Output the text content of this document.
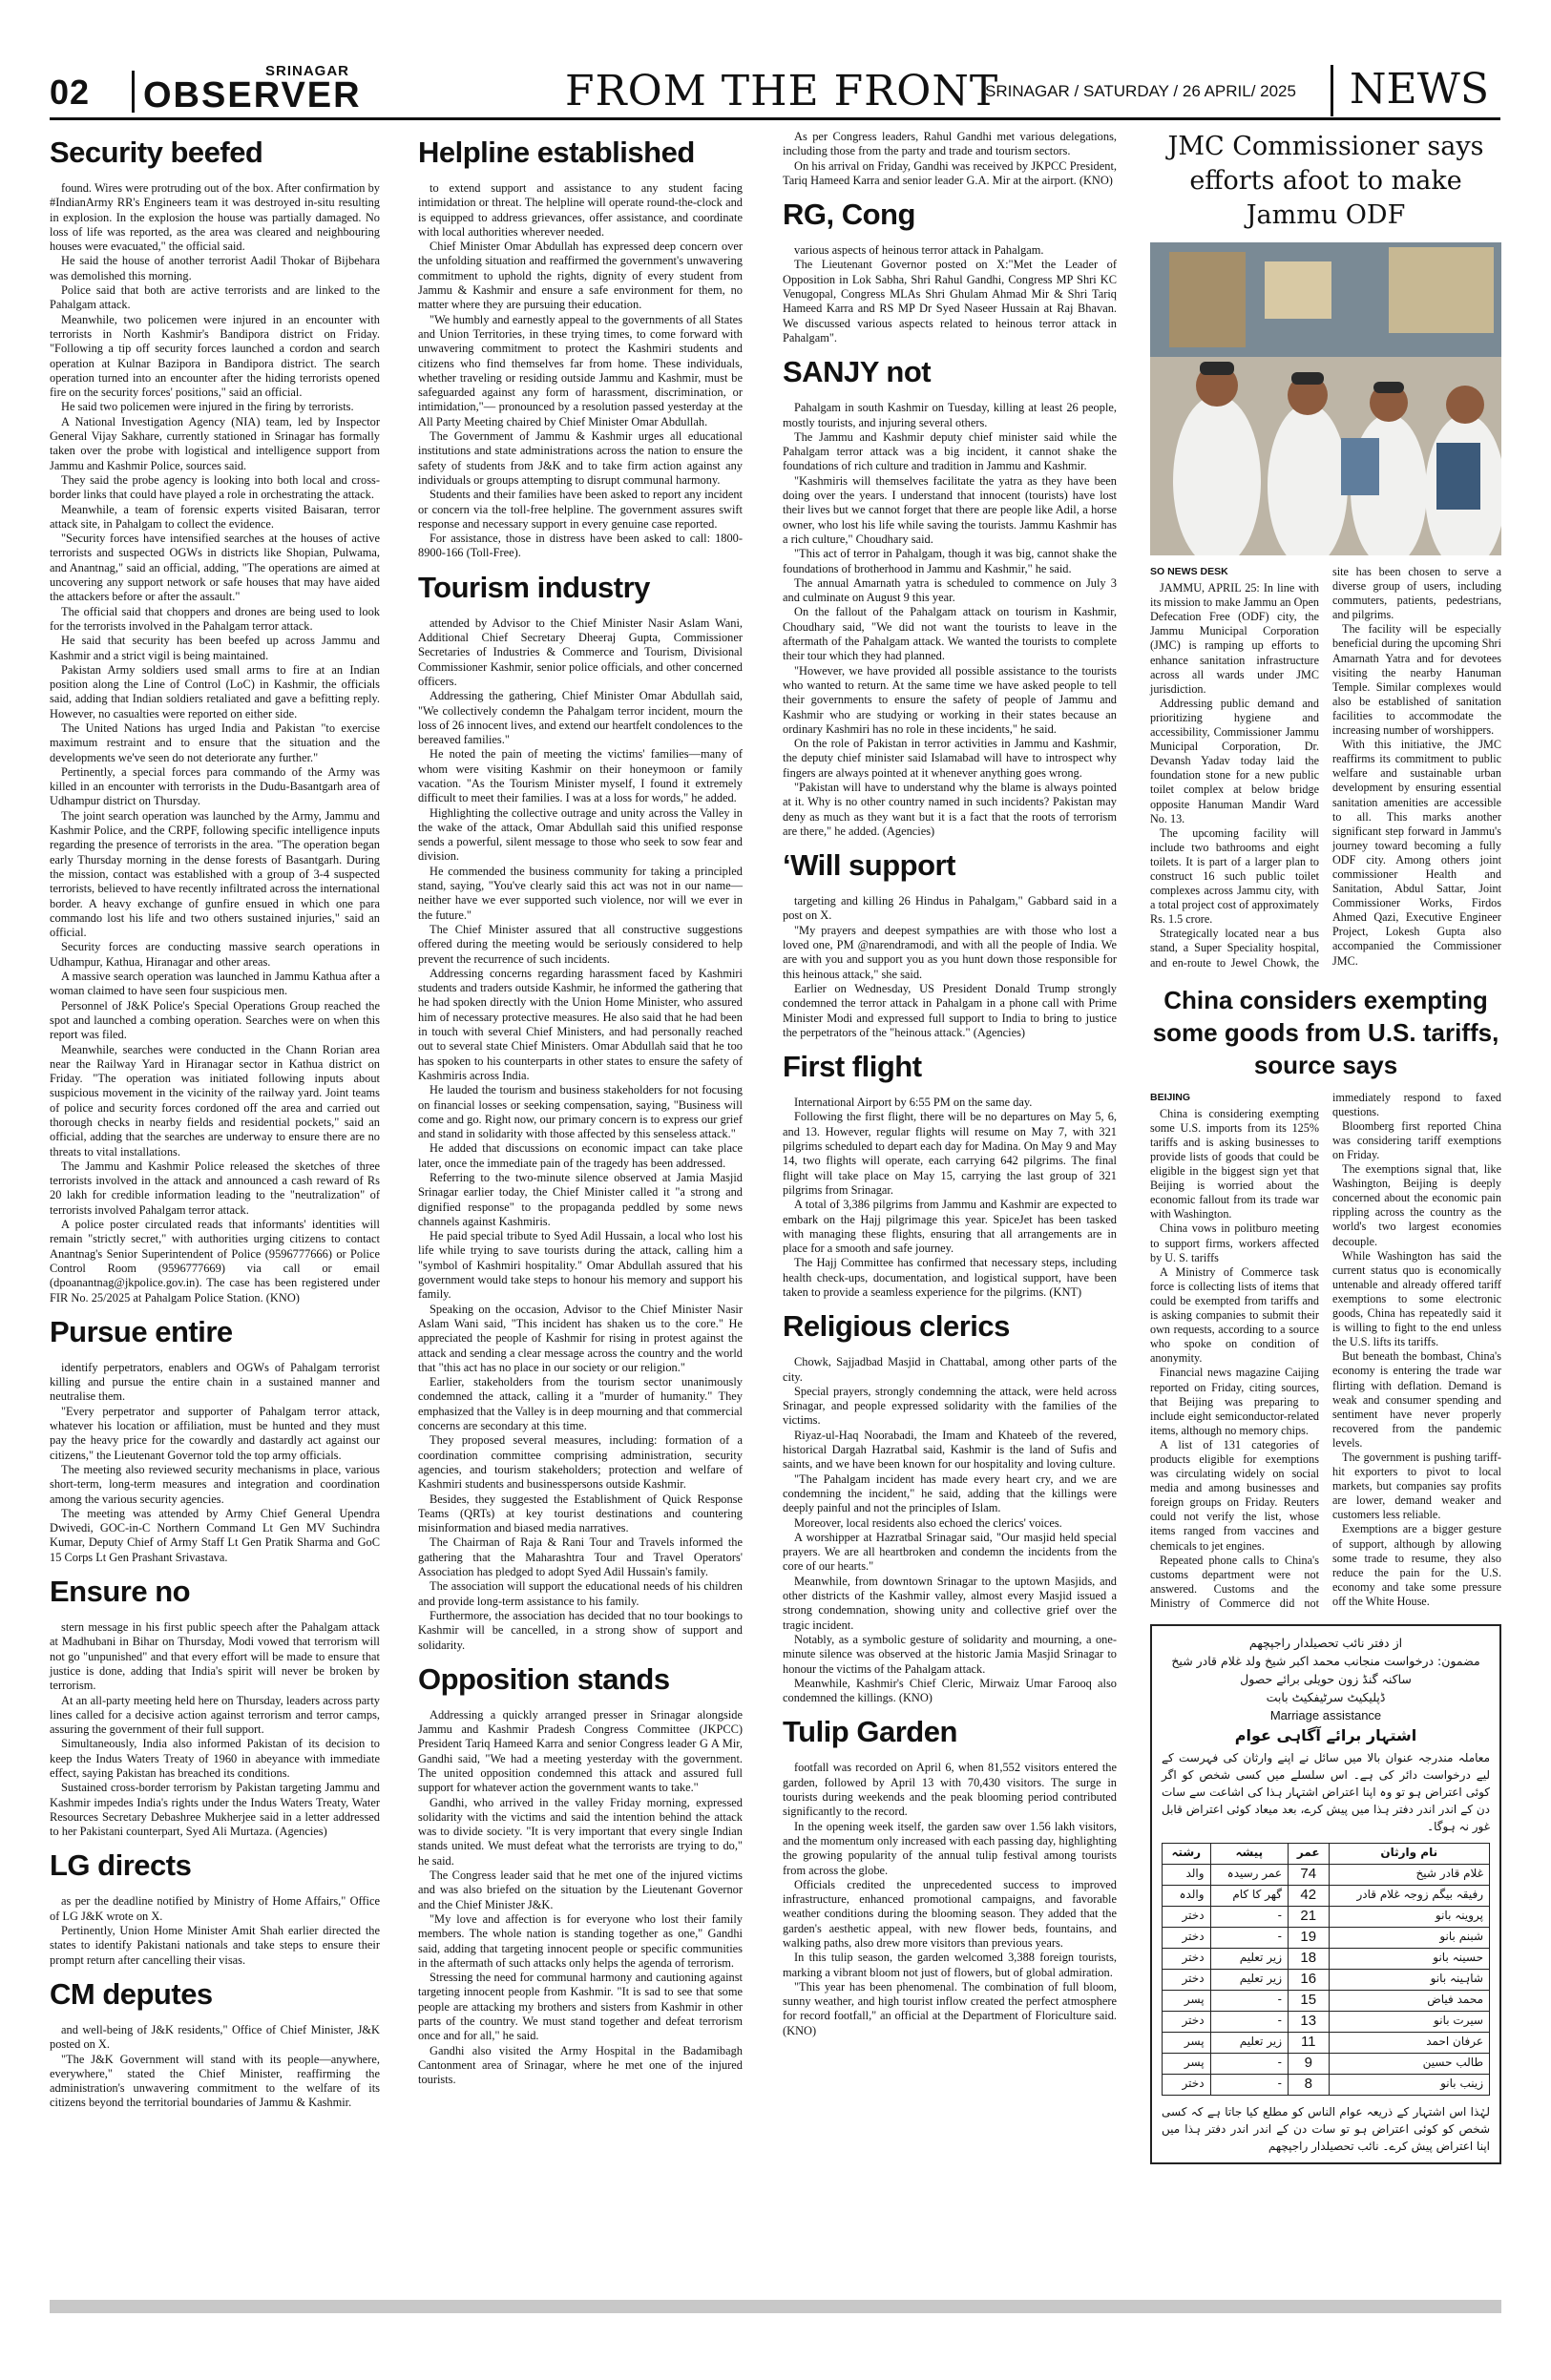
02
SRINAGAR
OBSERVER	FROM THE FRONT
SRINAGAR / SATURDAY / 26 APRIL/ 2025 NEWS
Security beefed

found. Wires were protruding out of the box. After confirmation by #IndianArmy RR's Engineers team it was destroyed in-situ resulting in explosion. In the explosion the house was partially damaged. No loss of life was reported, as the area was cleared and neighbouring houses were evacuated," the official said.

He said the house of another terrorist Aadil Thokar of Bijbehara was demolished this morning.

Police said that both are active terrorists and are linked to the Pahalgam attack.

Meanwhile, two policemen were injured in an encounter with terrorists in North Kashmir's Bandipora district on Friday. "Following a tip off security forces launched a cordon and search operation at Kulnar Bazipora in Bandipora district. The search operation turned into an encounter after the hiding terrorists opened fire on the security forces' positions," said an official.

He said two policemen were injured in the firing by terrorists.

A National Investigation Agency (NIA) team, led by Inspector General Vijay Sakhare, currently stationed in Srinagar has formally taken over the probe with logistical and intelligence support from Jammu and Kashmir Police, sources said.

They said the probe agency is looking into both local and cross-border links that could have played a role in orchestrating the attack.

Meanwhile, a team of forensic experts visited Baisaran, terror attack site, in Pahalgam to collect the evidence.

"Security forces have intensified searches at the houses of active terrorists and suspected OGWs in districts like Shopian, Pulwama, and Anantnag," said an official, adding, "The operations are aimed at uncovering any support network or safe houses that may have aided the attackers before or after the assault."

The official said that choppers and drones are being used to look for the terrorists involved in the Pahalgam terror attack.

He said that security has been beefed up across Jammu and Kashmir and a strict vigil is being maintained.

Pakistan Army soldiers used small arms to fire at an Indian position along the Line of Control (LoC) in Kashmir, the officials said, adding that Indian soldiers retaliated and gave a befitting reply. However, no casualties were reported on either side.

The United Nations has urged India and Pakistan "to exercise maximum restraint and to ensure that the situation and the developments we've seen do not deteriorate any further."

Pertinently, a special forces para commando of the Army was killed in an encounter with terrorists in the Dudu-Basantgarh area of Udhampur district on Thursday.

The joint search operation was launched by the Army, Jammu and Kashmir Police, and the CRPF, following specific intelligence inputs regarding the presence of terrorists in the area. "The operation began early Thursday morning in the dense forests of Basantgarh. During the mission, contact was established with a group of 3-4 suspected terrorists, believed to have recently infiltrated across the international border. A heavy exchange of gunfire ensued in which one para commando lost his life and two others sustained injuries," said an official.

Security forces are conducting massive search operations in Udhampur, Kathua, Hiranagar and other areas.

A massive search operation was launched in Jammu Kathua after a woman claimed to have seen four suspicious men.

Personnel of J&K Police's Special Operations Group reached the spot and launched a combing operation. Searches were on when this report was filed.

Meanwhile, searches were conducted in the Chann Rorian area near the Railway Yard in Hiranagar sector in Kathua district on Friday. "The operation was initiated following inputs about suspicious movement in the vicinity of the railway yard. Joint teams of police and security forces cordoned off the area and carried out thorough checks in nearby fields and residential pockets," said an official, adding that the searches are underway to ensure there are no threats to vital installations.

The Jammu and Kashmir Police released the sketches of three terrorists involved in the attack and announced a cash reward of Rs 20 lakh for credible information leading to the "neutralization" of terrorists involved Pahalgam terror attack.

A police poster circulated reads that informants' identities will remain "strictly secret," with authorities urging citizens to contact Anantnag's Senior Superintendent of Police (9596777666) or Police Control Room (9596777669) via call or email (dpoanantnag@jkpolice.gov.in). The case has been registered under FIR No. 25/2025 at Pahalgam Police Station. (KNO)

Pursue entire

identify perpetrators, enablers and OGWs of Pahalgam terrorist killing and pursue the entire chain in a sustained manner and neutralise them.

"Every perpetrator and supporter of Pahalgam terror attack, whatever his location or affiliation, must be hunted and they must pay the heavy price for the cowardly and dastardly act against our citizens," the Lieutenant Governor told the top army officials.

The meeting also reviewed security mechanisms in place, various short-term, long-term measures and integration and coordination among the various security agencies.

The meeting was attended by Army Chief General Upendra Dwivedi, GOC-in-C Northern Command Lt Gen MV Suchindra Kumar, Deputy Chief of Army Staff Lt Gen Pratik Sharma and GoC 15 Corps Lt Gen Prashant Srivastava.

Ensure no

stern message in his first public speech after the Pahalgam attack at Madhubani in Bihar on Thursday, Modi vowed that terrorism will not go "unpunished" and that every effort will be made to ensure that justice is done, adding that India's spirit will never be broken by terrorism.

At an all-party meeting held here on Thursday, leaders across party lines called for a decisive action against terrorism and terror camps, assuring the government of their full support.

Simultaneously, India also informed Pakistan of its decision to keep the Indus Waters Treaty of 1960 in abeyance with immediate effect, saying Pakistan has breached its conditions.

Sustained cross-border terrorism by Pakistan targeting Jammu and Kashmir impedes India's rights under the Indus Waters Treaty, Water Resources Secretary Debashree Mukherjee said in a letter addressed to her Pakistani counterpart, Syed Ali Murtaza. (Agencies)

LG directs

as per the deadline notified by Ministry of Home Affairs," Office of LG J&K wrote on X.

Pertinently, Union Home Minister Amit Shah earlier directed the states to identify Pakistani nationals and take steps to ensure their prompt return after cancelling their visas.

CM deputes

and well-being of J&K residents," Office of Chief Minister, J&K posted on X.

"The J&K Government will stand with its people—anywhere, everywhere," stated the Chief Minister, reaffirming the administration's unwavering commitment to the welfare of its citizens beyond the territorial boundaries of Jammu & Kashmir.

Helpline established

to extend support and assistance to any student facing intimidation or threat. The helpline will operate round-the-clock and is equipped to address grievances, offer assistance, and coordinate with local authorities wherever needed.

Chief Minister Omar Abdullah has expressed deep concern over the unfolding situation and reaffirmed the government's unwavering commitment to uphold the rights, dignity of every student from Jammu & Kashmir and ensure a safe environment for them, no matter where they are pursuing their education.

"We humbly and earnestly appeal to the governments of all States and Union Territories, in these trying times, to come forward with unwavering commitment to protect the Kashmiri students and citizens who find themselves far from home. These individuals, whether traveling or residing outside Jammu and Kashmir, must be safeguarded against any form of harassment, discrimination, or intimidation,"— pronounced by a resolution passed yesterday at the All Party Meeting chaired by Chief Minister Omar Abdullah.

The Government of Jammu & Kashmir urges all educational institutions and state administrations across the nation to ensure the safety of students from J&K and to take firm action against any individuals or groups attempting to disrupt communal harmony.

Students and their families have been asked to report any incident or concern via the toll-free helpline. The government assures swift response and necessary support in every genuine case reported.

For assistance, those in distress have been asked to call: 1800-8900-166 (Toll-Free).

Tourism industry

attended by Advisor to the Chief Minister Nasir Aslam Wani, Additional Chief Secretary Dheeraj Gupta, Commissioner Secretaries of Industries & Commerce and Tourism, Divisional Commissioner Kashmir, senior police officials, and other concerned officers.

Addressing the gathering, Chief Minister Omar Abdullah said, "We collectively condemn the Pahalgam terror incident, mourn the loss of 26 innocent lives, and extend our heartfelt condolences to the bereaved families."

He noted the pain of meeting the victims' families—many of whom were visiting Kashmir on their honeymoon or family vacation. "As the Tourism Minister myself, I found it extremely difficult to meet their families. I was at a loss for words," he added.

Highlighting the collective outrage and unity across the Valley in the wake of the attack, Omar Abdullah said this unified response sends a powerful, silent message to those who seek to sow fear and division.

He commended the business community for taking a principled stand, saying, "You've clearly said this act was not in our name—neither have we ever supported such violence, nor will we ever in the future."

The Chief Minister assured that all constructive suggestions offered during the meeting would be seriously considered to help prevent the recurrence of such incidents.

Addressing concerns regarding harassment faced by Kashmiri students and traders outside Kashmir, he informed the gathering that he had spoken directly with the Union Home Minister, who assured him of necessary protective measures. He also said that he had been in touch with several Chief Ministers, and had personally reached out to several state Chief Ministers. Omar Abdullah said that he too has spoken to his counterparts in other states to ensure the safety of Kashmiris across India.

He lauded the tourism and business stakeholders for not focusing on financial losses or seeking compensation, saying, "Business will come and go. Right now, our primary concern is to express our grief and stand in solidarity with those affected by this senseless attack."

He added that discussions on economic impact can take place later, once the immediate pain of the tragedy has been addressed.

Referring to the two-minute silence observed at Jamia Masjid Srinagar earlier today, the Chief Minister called it "a strong and dignified response" to the propaganda peddled by some news channels against Kashmiris.

He paid special tribute to Syed Adil Hussain, a local who lost his life while trying to save tourists during the attack, calling him a "symbol of Kashmiri hospitality." Omar Abdullah assured that his government would take steps to honour his memory and support his family.

Speaking on the occasion, Advisor to the Chief Minister Nasir Aslam Wani said, "This incident has shaken us to the core." He appreciated the people of Kashmir for rising in protest against the attack and sending a clear message across the country and the world that "this act has no place in our society or our religion."

Earlier, stakeholders from the tourism sector unanimously condemned the attack, calling it a "murder of humanity." They emphasized that the Valley is in deep mourning and that commercial concerns are secondary at this time.

They proposed several measures, including: formation of a coordination committee comprising administration, security agencies, and tourism stakeholders; protection and welfare of Kashmiri students and businesspersons outside Kashmir.

Besides, they suggested the Establishment of Quick Response Teams (QRTs) at key tourist destinations and countering misinformation and biased media narratives.

The Chairman of Raja & Rani Tour and Travels informed the gathering that the Maharashtra Tour and Travel Operators' Association has pledged to adopt Syed Adil Hussain's family.

The association will support the educational needs of his children and provide long-term assistance to his family.

Furthermore, the association has decided that no tour bookings to Kashmir will be cancelled, in a strong show of support and solidarity.

Opposition stands

Addressing a quickly arranged presser in Srinagar alongside Jammu and Kashmir Pradesh Congress Committee (JKPCC) President Tariq Hameed Karra and senior Congress leader G A Mir, Gandhi said, "We had a meeting yesterday with the government. The united opposition condemned this attack and assured full support for whatever action the government wants to take."

Gandhi, who arrived in the valley Friday morning, expressed solidarity with the victims and said the intention behind the attack was to divide society. "It is very important that every single Indian stands united. We must defeat what the terrorists are trying to do," he said.

The Congress leader said that he met one of the injured victims and was also briefed on the situation by the Lieutenant Governor and the Chief Minister J&K.

"My love and affection is for everyone who lost their family members. The whole nation is standing together as one," Gandhi said, adding that targeting innocent people or specific communities in the aftermath of such attacks only helps the agenda of terrorism.

Stressing the need for communal harmony and cautioning against targeting innocent people from Kashmir. "It is sad to see that some people are attacking my brothers and sisters from Kashmir in other parts of the country. We must stand together and defeat terrorism once and for all," he said.

Gandhi also visited the Army Hospital in the Badamibagh Cantonment area of Srinagar, where he met one of the injured tourists.

As per Congress leaders, Rahul Gandhi met various delegations, including those from the party and trade and tourism sectors.

On his arrival on Friday, Gandhi was received by JKPCC President, Tariq Hameed Karra and senior leader G.A. Mir at the airport. (KNO)

RG, Cong

various aspects of heinous terror attack in Pahalgam.

The Lieutenant Governor posted on X:"Met the Leader of Opposition in Lok Sabha, Shri Rahul Gandhi, Congress MP Shri KC Venugopal, Congress MLAs Shri Ghulam Ahmad Mir & Shri Tariq Hameed Karra and RS MP Dr Syed Naseer Hussain at Raj Bhavan. We discussed various aspects related to heinous terror attack in Pahalgam".

SANJY not

Pahalgam in south Kashmir on Tuesday, killing at least 26 people, mostly tourists, and injuring several others.

The Jammu and Kashmir deputy chief minister said while the Pahalgam terror attack was a big incident, it cannot shake the foundations of rich culture and tradition in Jammu and Kashmir.

"Kashmiris will themselves facilitate the yatra as they have been doing over the years. I understand that innocent (tourists) have lost their lives but we cannot forget that there are people like Adil, a horse owner, who lost his life while saving the tourists. Jammu Kashmir has a rich culture," Choudhary said.

"This act of terror in Pahalgam, though it was big, cannot shake the foundations of brotherhood in Jammu and Kashmir," he said.

The annual Amarnath yatra is scheduled to commence on July 3 and culminate on August 9 this year.

On the fallout of the Pahalgam attack on tourism in Kashmir, Choudhary said, "We did not want the tourists to leave in the aftermath of the Pahalgam attack. We wanted the tourists to complete their tour which they had planned.

"However, we have provided all possible assistance to the tourists who wanted to return. At the same time we have asked people to tell their governments to ensure the safety of people of Jammu and Kashmir who are studying or working in their states because an ordinary Kashmiri has no role in these incidents," he said.

On the role of Pakistan in terror activities in Jammu and Kashmir, the deputy chief minister said Islamabad will have to introspect why fingers are always pointed at it whenever anything goes wrong.

"Pakistan will have to understand why the blame is always pointed at it. Why is no other country named in such incidents? Pakistan may deny as much as they want but it is a fact that the roots of terrorism are there," he added. (Agencies)

‘Will support

targeting and killing 26 Hindus in Pahalgam," Gabbard said in a post on X.

"My prayers and deepest sympathies are with those who lost a loved one, PM @narendramodi, and with all the people of India. We are with you and support you as you hunt down those responsible for this heinous attack," she said.

Earlier on Wednesday, US President Donald Trump strongly condemned the terror attack in Pahalgam in a phone call with Prime Minister Modi and expressed full support to India to bring to justice the perpetrators of the "heinous attack." (Agencies)

First flight

International Airport by 6:55 PM on the same day.

Following the first flight, there will be no departures on May 5, 6, and 13. However, regular flights will resume on May 7, with 321 pilgrims scheduled to depart each day for Madina. On May 9 and May 14, two flights will operate, each carrying 642 pilgrims. The final flight will take place on May 15, carrying the last group of 321 pilgrims from Srinagar.

A total of 3,386 pilgrims from Jammu and Kashmir are expected to embark on the Hajj pilgrimage this year. SpiceJet has been tasked with managing these flights, ensuring that all arrangements are in place for a smooth and safe journey.

The Hajj Committee has confirmed that necessary steps, including health check-ups, documentation, and logistical support, have been taken to provide a seamless experience for the pilgrims. (KNT)

Religious clerics

Chowk, Sajjadbad Masjid in Chattabal, among other parts of the city.

Special prayers, strongly condemning the attack, were held across Srinagar, and people expressed solidarity with the families of the victims.

Riyaz-ul-Haq Noorabadi, the Imam and Khateeb of the revered, historical Dargah Hazratbal said, Kashmir is the land of Sufis and saints, and we have been known for our hospitality and loving culture.

"The Pahalgam incident has made every heart cry, and we are condemning the incident," he said, adding that the killings were deeply painful and not the principles of Islam.

Moreover, local residents also echoed the clerics' voices.

A worshipper at Hazratbal Srinagar said, "Our masjid held special prayers. We are all heartbroken and condemn the incidents from the core of our hearts."

Meanwhile, from downtown Srinagar to the uptown Masjids, and other districts of the Kashmir valley, almost every Masjid issued a strong condemnation, showing unity and collective grief over the tragic incident.

Notably, as a symbolic gesture of solidarity and mourning, a one-minute silence was observed at the historic Jamia Masjid Srinagar to honour the victims of the Pahalgam attack.

Meanwhile, Kashmir's Chief Cleric, Mirwaiz Umar Farooq also condemned the killings. (KNO)

Tulip Garden

footfall was recorded on April 6, when 81,552 visitors entered the garden, followed by April 13 with 70,430 visitors. The surge in tourists during weekends and the peak blooming period contributed significantly to the record.

In the opening week itself, the garden saw over 1.56 lakh visitors, and the momentum only increased with each passing day, highlighting the growing popularity of the annual tulip festival among tourists from across the globe.

Officials credited the unprecedented success to improved infrastructure, enhanced promotional campaigns, and favorable weather conditions during the blooming season. They added that the garden's aesthetic appeal, with new flower beds, fountains, and walking paths, also drew more visitors than previous years.

In this tulip season, the garden welcomed 3,388 foreign tourists, marking a vibrant bloom not just of flowers, but of global admiration.

"This year has been phenomenal. The combination of full bloom, sunny weather, and high tourist inflow created the perfect atmosphere for record footfall," an official at the Department of Floriculture said. (KNO)

JMC Commissioner says efforts afoot to make Jammu ODF

SO NEWS DESK

JAMMU, APRIL 25: In line with its mission to make Jammu an Open Defecation Free (ODF) city, the Jammu Municipal Corporation (JMC) is ramping up efforts to enhance sanitation infrastructure across all wards under JMC jurisdiction.

Addressing public demand and prioritizing hygiene and accessibility, Commissioner Jammu Municipal Corporation, Dr. Devansh Yadav today laid the foundation stone for a new public toilet complex at below bridge opposite Hanuman Mandir Ward No. 13.

The upcoming facility will include two bathrooms and eight toilets. It is part of a larger plan to construct 16 such public toilet complexes across Jammu city, with a total project cost of approximately Rs. 1.5 crore.

Strategically located near a bus stand, a Super Speciality hospital, and en-route to Jewel Chowk, the site has been chosen to serve a diverse group of users, including commuters, patients, pedestrians, and pilgrims.

The facility will be especially beneficial during the upcoming Shri Amarnath Yatra and for devotees visiting the nearby Hanuman Temple. Similar complexes would also be established of sanitation facilities to accommodate the increasing number of worshippers.

With this initiative, the JMC reaffirms its commitment to public welfare and sustainable urban development by ensuring essential sanitation amenities are accessible to all. This marks another significant step forward in Jammu's journey toward becoming a fully ODF city. Among others joint commissioner Health and Sanitation, Abdul Sattar, Joint Commissioner Works, Firdos Ahmed Qazi, Executive Engineer Project, Lokesh Gupta also accompanied the Commissioner JMC.

China considers exempting some goods from U.S. tariffs, source says

BEIJING

China is considering exempting some U.S. imports from its 125% tariffs and is asking businesses to provide lists of goods that could be eligible in the biggest sign yet that Beijing is worried about the economic fallout from its trade war with Washington.

China vows in politburo meeting to support firms, workers affected by U. S. tariffs

A Ministry of Commerce task force is collecting lists of items that could be exempted from tariffs and is asking companies to submit their own requests, according to a source who spoke on condition of anonymity.

Financial news magazine Caijing reported on Friday, citing sources, that Beijing was preparing to include eight semiconductor-related items, although no memory chips.

A list of 131 categories of products eligible for exemptions was circulating widely on social media and among businesses and foreign groups on Friday. Reuters could not verify the list, whose items ranged from vaccines and chemicals to jet engines.

Repeated phone calls to China's customs department were not answered. Customs and the Ministry of Commerce did not immediately respond to faxed questions.

Bloomberg first reported China was considering tariff exemptions on Friday.

The exemptions signal that, like Washington, Beijing is deeply concerned about the economic pain rippling across the country as the world's two largest economies decouple.

While Washington has said the current status quo is economically untenable and already offered tariff exemptions to some electronic goods, China has repeatedly said it is willing to fight to the end unless the U.S. lifts its tariffs.

But beneath the bombast, China's economy is entering the trade war flirting with deflation. Demand is weak and consumer spending and sentiment have never properly recovered from the pandemic levels.

The government is pushing tariff-hit exporters to pivot to local markets, but companies say profits are lower, demand weaker and customers less reliable.

Exemptions are a bigger gesture of support, although by allowing some trade to resume, they also reduce the pain for the U.S. economy and take some pressure off the White House.

از دفتر نائب تحصیلدار راجپچھم
مضمون: درخواست منجانب محمد اکبر شیخ ولد غلام قادر شیخ ساکنہ گنڈ زون حویلی برائے حصول
ڈپلیکیٹ سرٹیفکیٹ بابت
Marriage assistance
اشتہار برائے آگاہی عوام
معاملہ مندرجہ عنوان بالا میں سائل نے اپنے وارثان کی فہرست کے لیے درخواست دائر کی ہے۔ اس سلسلے میں کسی شخص کو اگر کوئی اعتراض ہو تو وہ اپنا اعتراض اشتہار ہذا کی اشاعت سے سات دن کے اندر اندر دفتر ہذا میں پیش کرے، بعد میعاد کوئی اعتراض قابل غور نہ ہوگا۔
نام وارثان	عمر	پیشہ	رشتہ
غلام قادر شیخ	74	عمر رسیدہ	والد
رفیقہ بیگم زوجہ غلام قادر	42	گھر کا کام	والدہ
پروینہ بانو	21	-	دختر
شبنم بانو	19	-	دختر
حسینہ بانو	18	زیر تعلیم	دختر
شاہینہ بانو	16	زیر تعلیم	دختر
محمد فیاض	15	-	پسر
سیرت بانو	13	-	دختر
عرفان احمد	11	زیر تعلیم	پسر
طالب حسین	9	-	پسر
زینب بانو	8	-	دختر
لہٰذا اس اشتہار کے ذریعہ عوام الناس کو مطلع کیا جاتا ہے کہ کسی شخص کو کوئی اعتراض ہو تو سات دن کے اندر اندر دفتر ہذا میں اپنا اعتراض پیش کرے۔ نائب تحصیلدار راجپچھم
